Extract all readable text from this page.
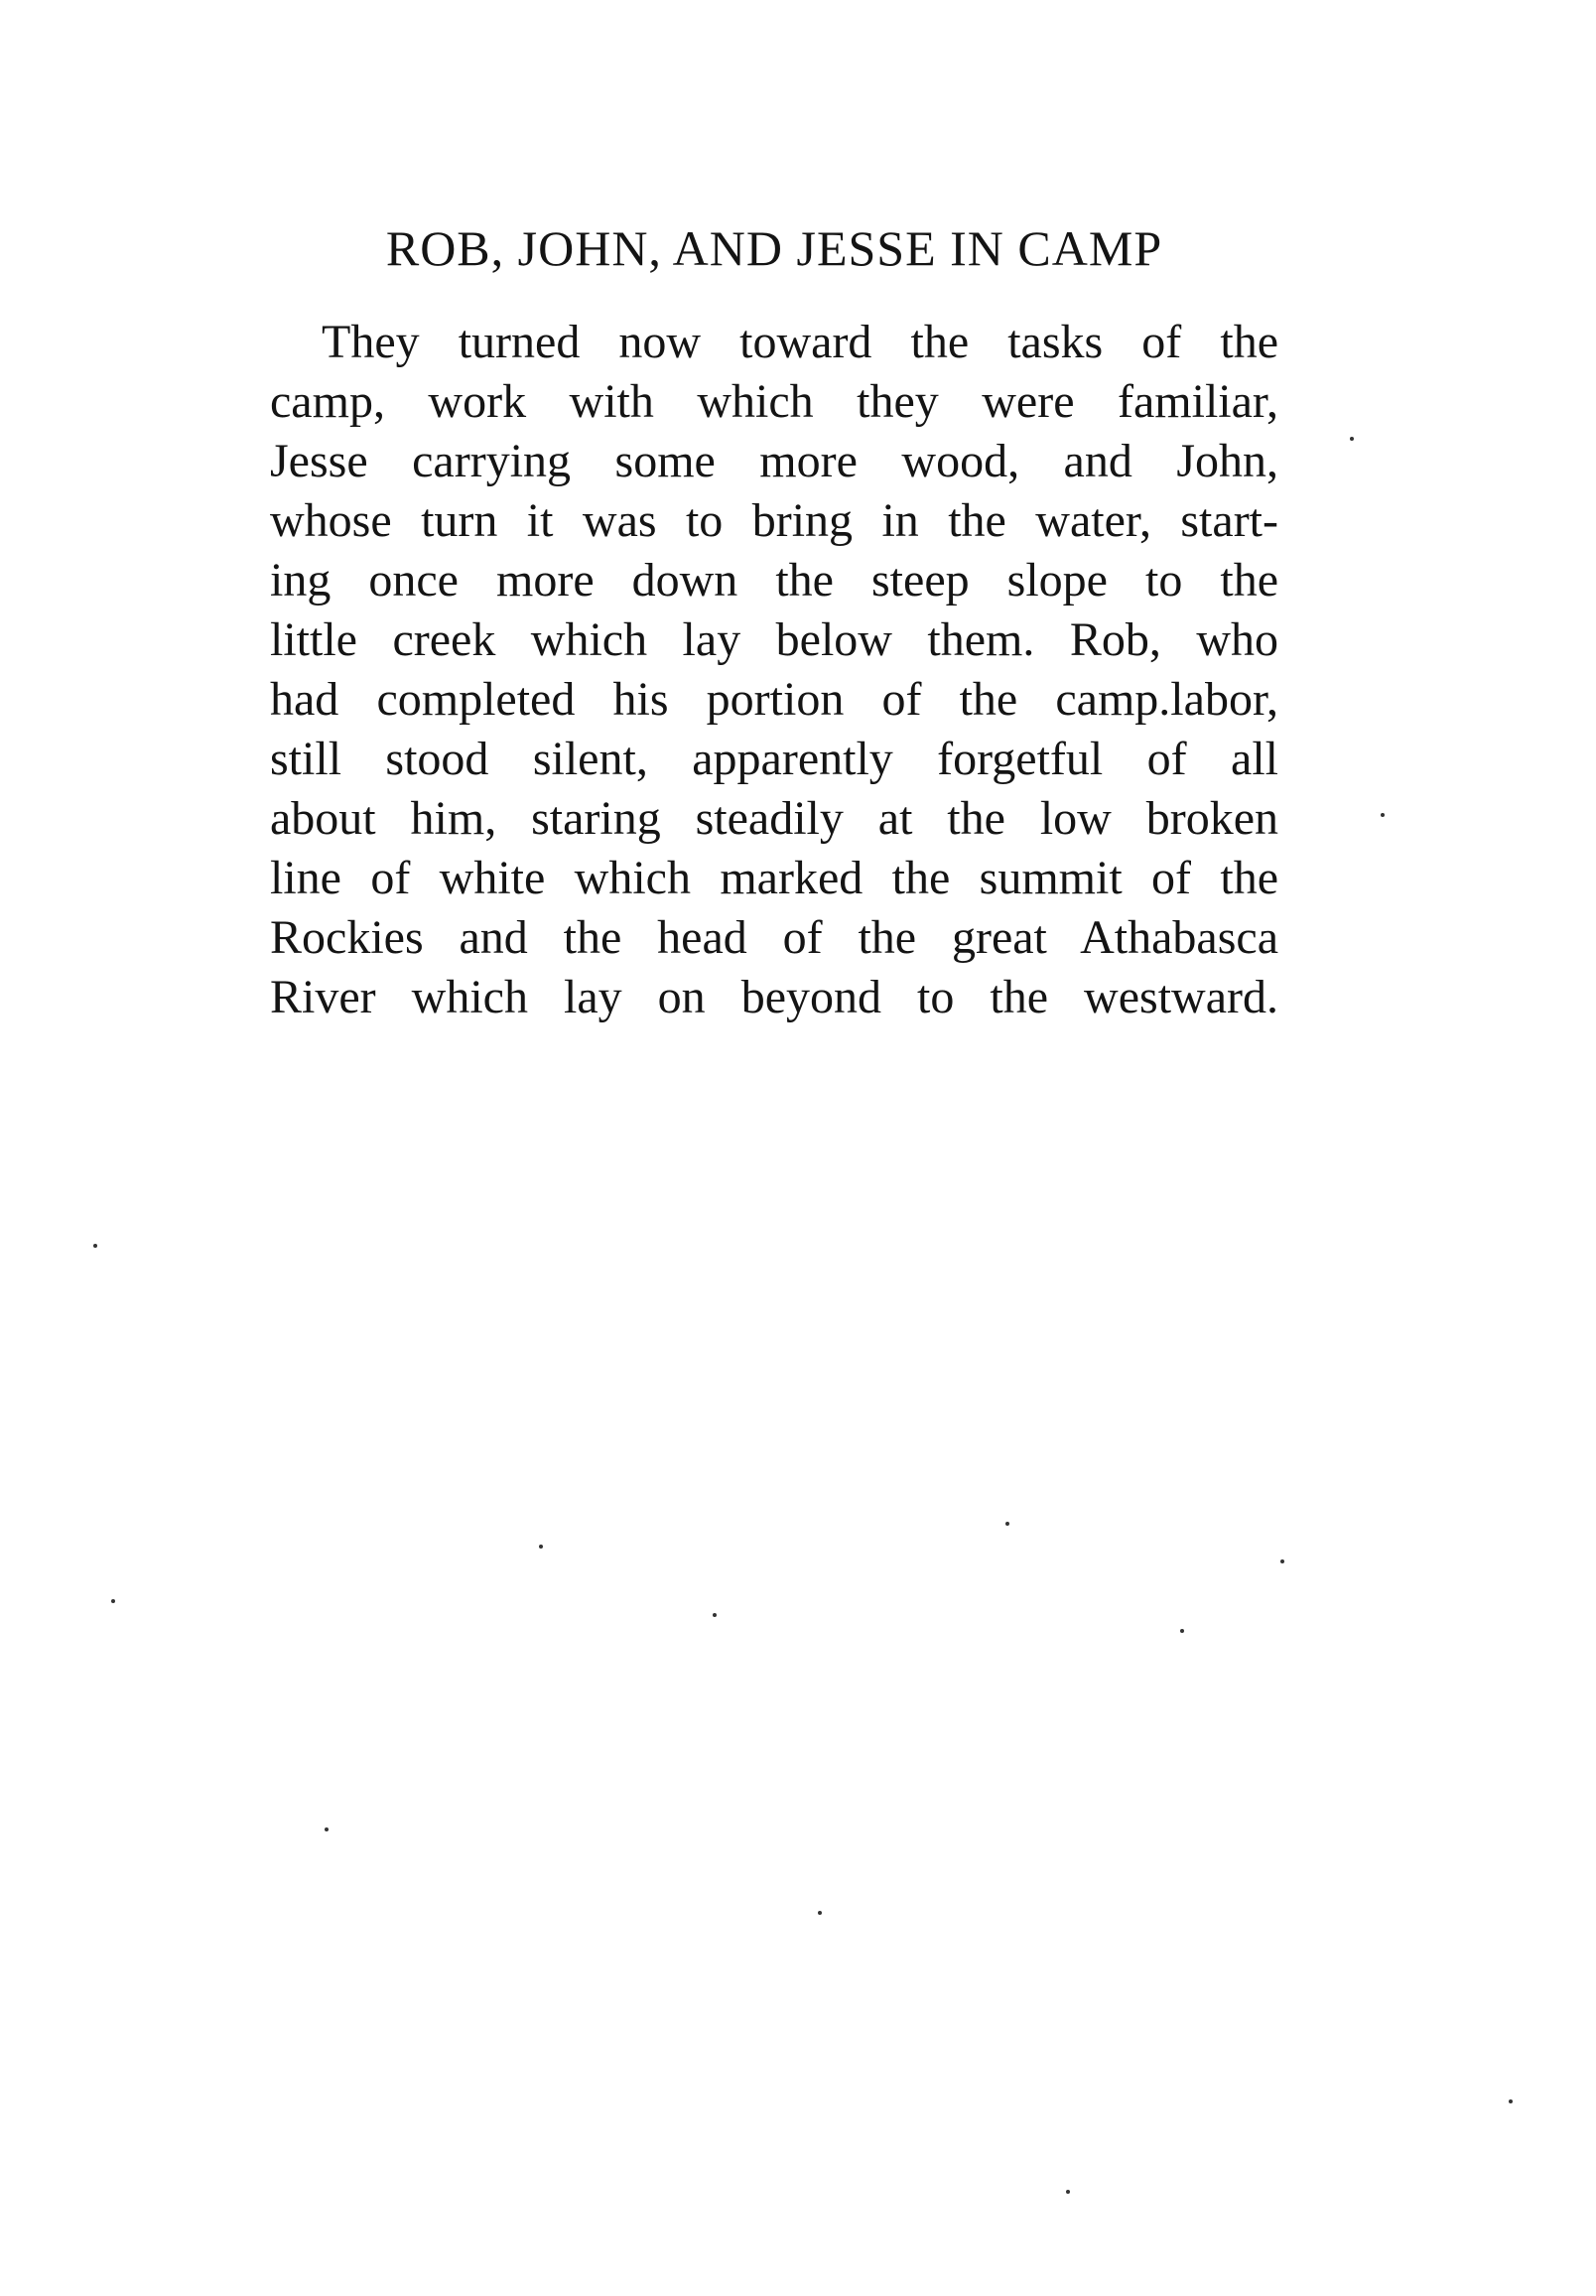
ROB, JOHN, AND JESSE IN CAMP
They turned now toward the tasks of the
camp, work with which they were familiar,
Jesse carrying some more wood, and John,
whose turn it was to bring in the water, start-
ing once more down the steep slope to the
little creek which lay below them. Rob, who
had completed his portion of the camp.labor,
still stood silent, apparently forgetful of all
about him, staring steadily at the low broken
line of white which marked the summit of the
Rockies and the head of the great Athabasca
River which lay on beyond to the westward.
